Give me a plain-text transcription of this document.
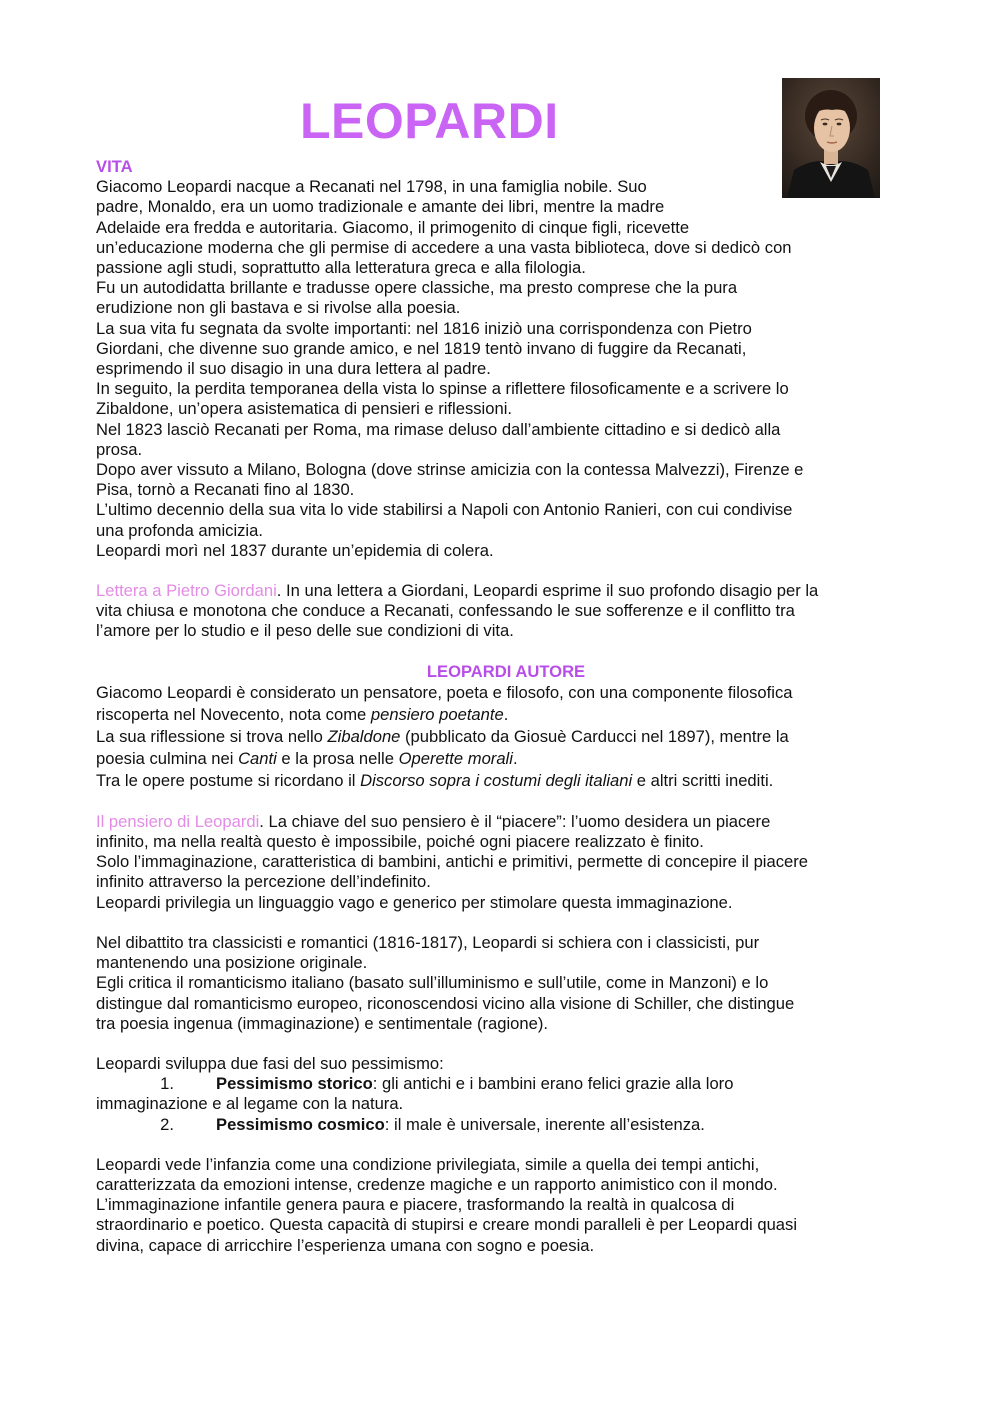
LEOPARDI

VITA

Giacomo Leopardi nacque a Recanati nel 1798, in una famiglia nobile. Suo
padre, Monaldo, era un uomo tradizionale e amante dei libri, mentre la madre
Adelaide era fredda e autoritaria. Giacomo, il primogenito di cinque figli, ricevette
un’educazione moderna che gli permise di accedere a una vasta biblioteca, dove si dedicò con
passione agli studi, soprattutto alla letteratura greca e alla filologia.
Fu un autodidatta brillante e tradusse opere classiche, ma presto comprese che la pura
erudizione non gli bastava e si rivolse alla poesia.
La sua vita fu segnata da svolte importanti: nel 1816 iniziò una corrispondenza con Pietro
Giordani, che divenne suo grande amico, e nel 1819 tentò invano di fuggire da Recanati,
esprimendo il suo disagio in una dura lettera al padre.
In seguito, la perdita temporanea della vista lo spinse a riflettere filosoficamente e a scrivere lo
Zibaldone, un’opera asistematica di pensieri e riflessioni.
Nel 1823 lasciò Recanati per Roma, ma rimase deluso dall’ambiente cittadino e si dedicò alla
prosa.
Dopo aver vissuto a Milano, Bologna (dove strinse amicizia con la contessa Malvezzi), Firenze e
Pisa, tornò a Recanati fino al 1830.
L’ultimo decennio della sua vita lo vide stabilirsi a Napoli con Antonio Ranieri, con cui condivise
una profonda amicizia.
Leopardi morì nel 1837 durante un’epidemia di colera.
Lettera a Pietro Giordani. In una lettera a Giordani, Leopardi esprime il suo profondo disagio per la
vita chiusa e monotona che conduce a Recanati, confessando le sue sofferenze e il conflitto tra
l’amore per lo studio e il peso delle sue condizioni di vita.

LEOPARDI AUTORE

Giacomo Leopardi è considerato un pensatore, poeta e filosofo, con una componente filosofica
riscoperta nel Novecento, nota come pensiero poetante.
La sua riflessione si trova nello Zibaldone (pubblicato da Giosuè Carducci nel 1897), mentre la
poesia culmina nei Canti e la prosa nelle Operette morali.
Tra le opere postume si ricordano il Discorso sopra i costumi degli italiani e altri scritti inediti.
Il pensiero di Leopardi. La chiave del suo pensiero è il “piacere”: l’uomo desidera un piacere
infinito, ma nella realtà questo è impossibile, poiché ogni piacere realizzato è finito.
Solo l’immaginazione, caratteristica di bambini, antichi e primitivi, permette di concepire il piacere
infinito attraverso la percezione dell’indefinito.
Leopardi privilegia un linguaggio vago e generico per stimolare questa immaginazione.
Nel dibattito tra classicisti e romantici (1816-1817), Leopardi si schiera con i classicisti, pur
mantenendo una posizione originale.
Egli critica il romanticismo italiano (basato sull’illuminismo e sull’utile, come in Manzoni) e lo
distingue dal romanticismo europeo, riconoscendosi vicino alla visione di Schiller, che distingue
tra poesia ingenua (immaginazione) e sentimentale (ragione).
Leopardi sviluppa due fasi del suo pessimismo:
1.	Pessimismo storico: gli antichi e i bambini erano felici grazie alla loro
immaginazione e al legame con la natura.
2.	Pessimismo cosmico: il male è universale, inerente all’esistenza.
Leopardi vede l’infanzia come una condizione privilegiata, simile a quella dei tempi antichi,
caratterizzata da emozioni intense, credenze magiche e un rapporto animistico con il mondo.
L’immaginazione infantile genera paura e piacere, trasformando la realtà in qualcosa di
straordinario e poetico. Questa capacità di stupirsi e creare mondi paralleli è per Leopardi quasi
divina, capace di arricchire l’esperienza umana con sogno e poesia.
